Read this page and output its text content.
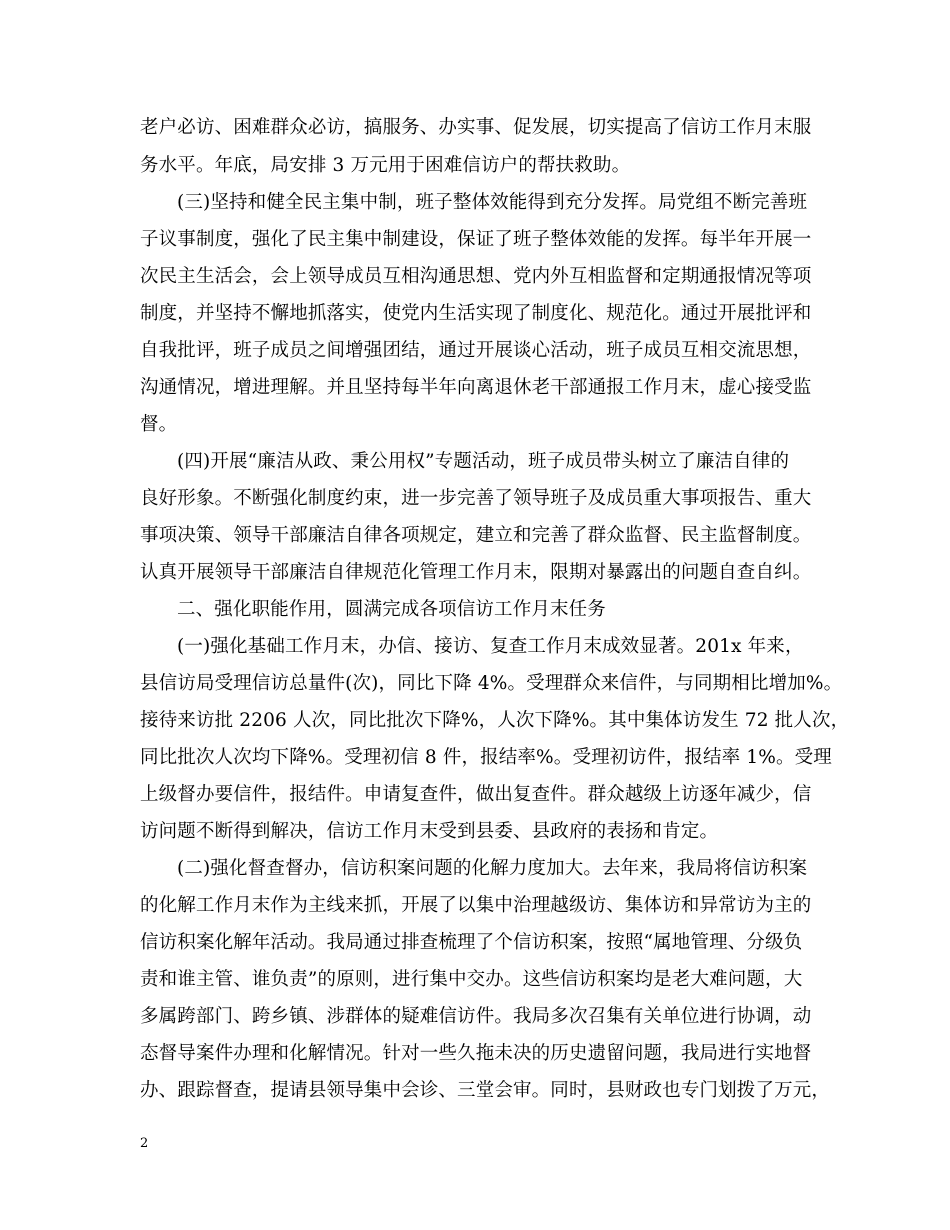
老户必访、困难群众必访，搞服务、办实事、促发展，切实提高了信访工作月末服
务水平。年底，局安排 3 万元用于困难信访户的帮扶救助。
(三)坚持和健全民主集中制，班子整体效能得到充分发挥。局党组不断完善班
子议事制度，强化了民主集中制建设，保证了班子整体效能的发挥。每半年开展一
次民主生活会，会上领导成员互相沟通思想、党内外互相监督和定期通报情况等项
制度，并坚持不懈地抓落实，使党内生活实现了制度化、规范化。通过开展批评和
自我批评，班子成员之间增强团结，通过开展谈心活动，班子成员互相交流思想，
沟通情况，增进理解。并且坚持每半年向离退休老干部通报工作月末，虚心接受监
督。
(四)开展“廉洁从政、秉公用权”专题活动，班子成员带头树立了廉洁自律的
良好形象。不断强化制度约束，进一步完善了领导班子及成员重大事项报告、重大
事项决策、领导干部廉洁自律各项规定，建立和完善了群众监督、民主监督制度。
认真开展领导干部廉洁自律规范化管理工作月末，限期对暴露出的问题自查自纠。
二、强化职能作用，圆满完成各项信访工作月末任务
(一)强化基础工作月末，办信、接访、复查工作月末成效显著。201x 年来，
县信访局受理信访总量件(次)，同比下降 4%。受理群众来信件，与同期相比增加%。
接待来访批 2206 人次，同比批次下降%，人次下降%。其中集体访发生 72 批人次，
同比批次人次均下降%。受理初信 8 件，报结率%。受理初访件，报结率 1%。受理
上级督办要信件，报结件。申请复查件，做出复查件。群众越级上访逐年减少，信
访问题不断得到解决，信访工作月末受到县委、县政府的表扬和肯定。
(二)强化督查督办，信访积案问题的化解力度加大。去年来，我局将信访积案
的化解工作月末作为主线来抓，开展了以集中治理越级访、集体访和异常访为主的
信访积案化解年活动。我局通过排查梳理了个信访积案，按照“属地管理、分级负
责和谁主管、谁负责”的原则，进行集中交办。这些信访积案均是老大难问题，大
多属跨部门、跨乡镇、涉群体的疑难信访件。我局多次召集有关单位进行协调，动
态督导案件办理和化解情况。针对一些久拖未决的历史遗留问题，我局进行实地督
办、跟踪督查，提请县领导集中会诊、三堂会审。同时，县财政也专门划拨了万元，
2
